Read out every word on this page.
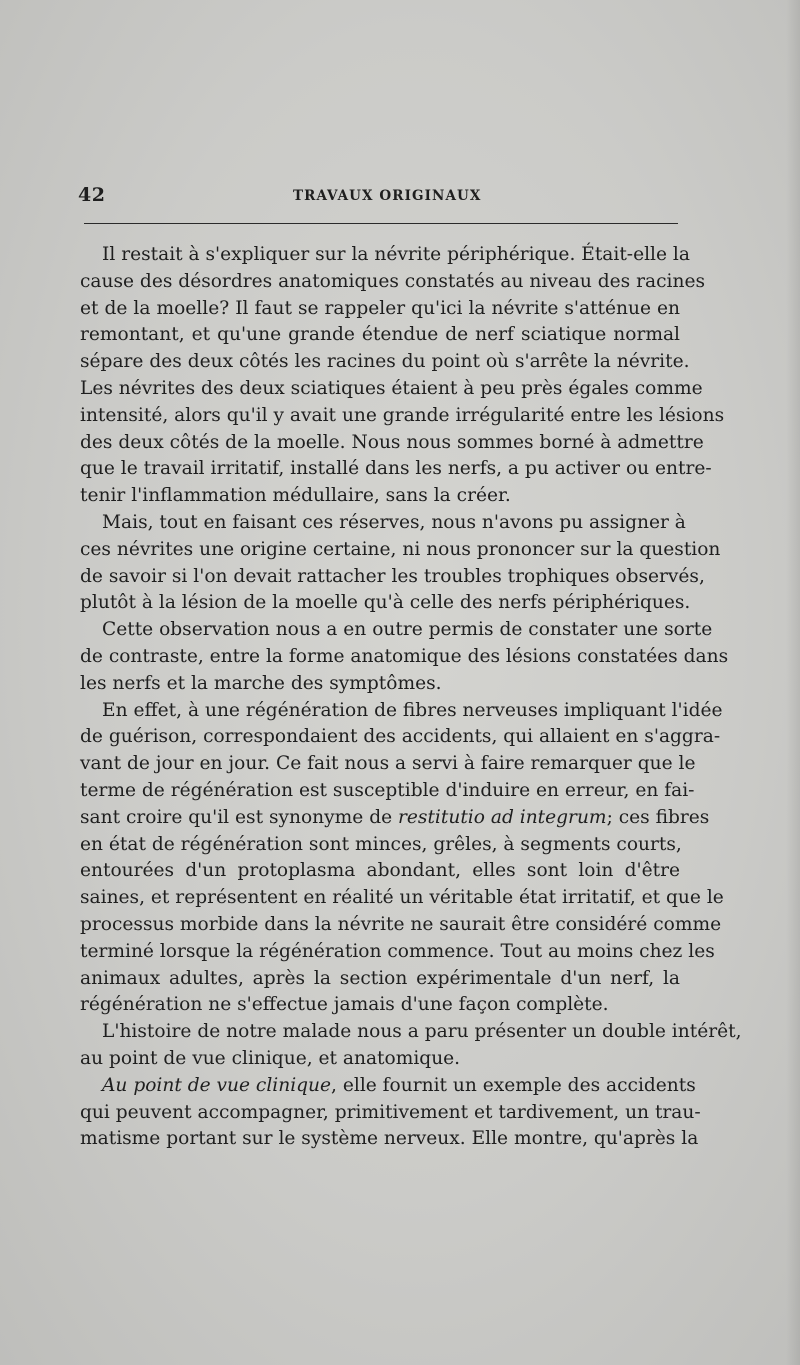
42	TRAVAUX ORIGINAUX
Il restait à s'expliquer sur la névrite périphérique. Était-elle la
cause des désordres anatomiques constatés au niveau des racines
et de la moelle? Il faut se rappeler qu'ici la névrite s'atténue en
remontant, et qu'une grande étendue de nerf sciatique normal
sépare des deux côtés les racines du point où s'arrête la névrite.
Les névrites des deux sciatiques étaient à peu près égales comme
intensité, alors qu'il y avait une grande irrégularité entre les lésions
des deux côtés de la moelle. Nous nous sommes borné à admettre
que le travail irritatif, installé dans les nerfs, a pu activer ou entre-
tenir l'inflammation médullaire, sans la créer.
Mais, tout en faisant ces réserves, nous n'avons pu assigner à
ces névrites une origine certaine, ni nous prononcer sur la question
de savoir si l'on devait rattacher les troubles trophiques observés,
plutôt à la lésion de la moelle qu'à celle des nerfs périphériques.
Cette observation nous a en outre permis de constater une sorte
de contraste, entre la forme anatomique des lésions constatées dans
les nerfs et la marche des symptômes.
En effet, à une régénération de fibres nerveuses impliquant l'idée
de guérison, correspondaient des accidents, qui allaient en s'aggra-
vant de jour en jour. Ce fait nous a servi à faire remarquer que le
terme de régénération est susceptible d'induire en erreur, en fai-
sant croire qu'il est synonyme de restitutio ad integrum; ces fibres
en état de régénération sont minces, grêles, à segments courts,
entourées d'un protoplasma abondant, elles sont loin d'être
saines, et représentent en réalité un véritable état irritatif, et que le
processus morbide dans la névrite ne saurait être considéré comme
terminé lorsque la régénération commence. Tout au moins chez les
animaux adultes, après la section expérimentale d'un nerf, la
régénération ne s'effectue jamais d'une façon complète.
L'histoire de notre malade nous a paru présenter un double intérêt,
au point de vue clinique, et anatomique.
Au point de vue clinique, elle fournit un exemple des accidents
qui peuvent accompagner, primitivement et tardivement, un trau-
matisme portant sur le système nerveux. Elle montre, qu'après la
